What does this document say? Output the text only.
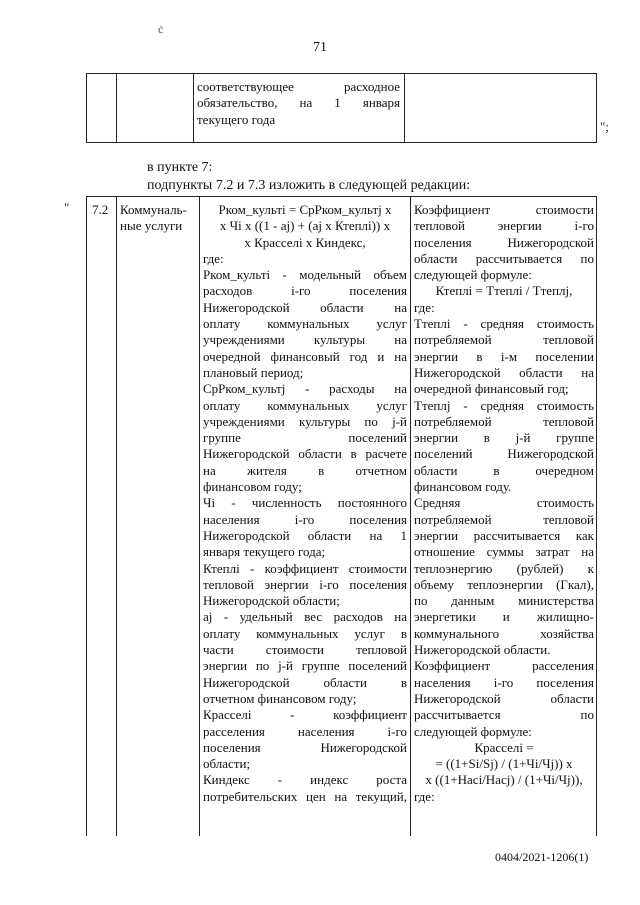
ċ
71
соответствующее расходное
обязательство, на 1 января
текущего года	";
в пункте 7:
подпункты 7.2 и 7.3 изложить в следующей редакции:
" 7.2 Коммуналь-
ные услуги
Рком_культі = СрРком_культј x
x Чі x ((1 - aј) + (aј x Ктеплі)) x
x Красселі x Киндекс,
где:
Рком_культі - модельный объем
расходов і-го поселения
Нижегородской области на
оплату коммунальных услуг
учреждениями культуры на
очередной финансовый год и на
плановый период;
СрРком_культј - расходы на
оплату коммунальных услуг
учреждениями культуры по j-й
группе поселений
Нижегородской области в расчете
на жителя в отчетном
финансовом году;
Чі - численность постоянного
населения і-го поселения
Нижегородской области на 1
января текущего года;
Ктеплі - коэффициент стоимости
тепловой энергии і-го поселения
Нижегородской области;
aј - удельный вес расходов на
оплату коммунальных услуг в
части стоимости тепловой
энергии по j-й группе поселений
Нижегородской области в
отчетном финансовом году;
Красселі - коэффициент
расселения населения і-го
поселения Нижегородской
области;
Киндекс - индекс роста
потребительских цен на текущий,
Коэффициент стоимости
тепловой энергии і-го
поселения Нижегородской
области рассчитывается по
следующей формуле:
Ктеплі = Ттеплі / Ттеплј,
где:
Ттеплі - средняя стоимость
потребляемой тепловой
энергии в і-м поселении
Нижегородской области на
очередной финансовый год;
Ттеплј - средняя стоимость
потребляемой тепловой
энергии в j-й группе
поселений Нижегородской
области в очередном
финансовом году.
Средняя стоимость
потребляемой тепловой
энергии рассчитывается как
отношение суммы затрат на
теплоэнергию (рублей) к
объему теплоэнергии (Гкал),
по данным министерства
энергетики и жилищно-
коммунального хозяйства
Нижегородской области.
Коэффициент расселения
населения і-го поселения
Нижегородской области
рассчитывается по
следующей формуле:
Красселі =
= ((1+Sі/Sј) / (1+Чі/Чј)) x
x ((1+Насі/Насј) / (1+Чі/Чј)),
где:
0404/2021-1206(1)
